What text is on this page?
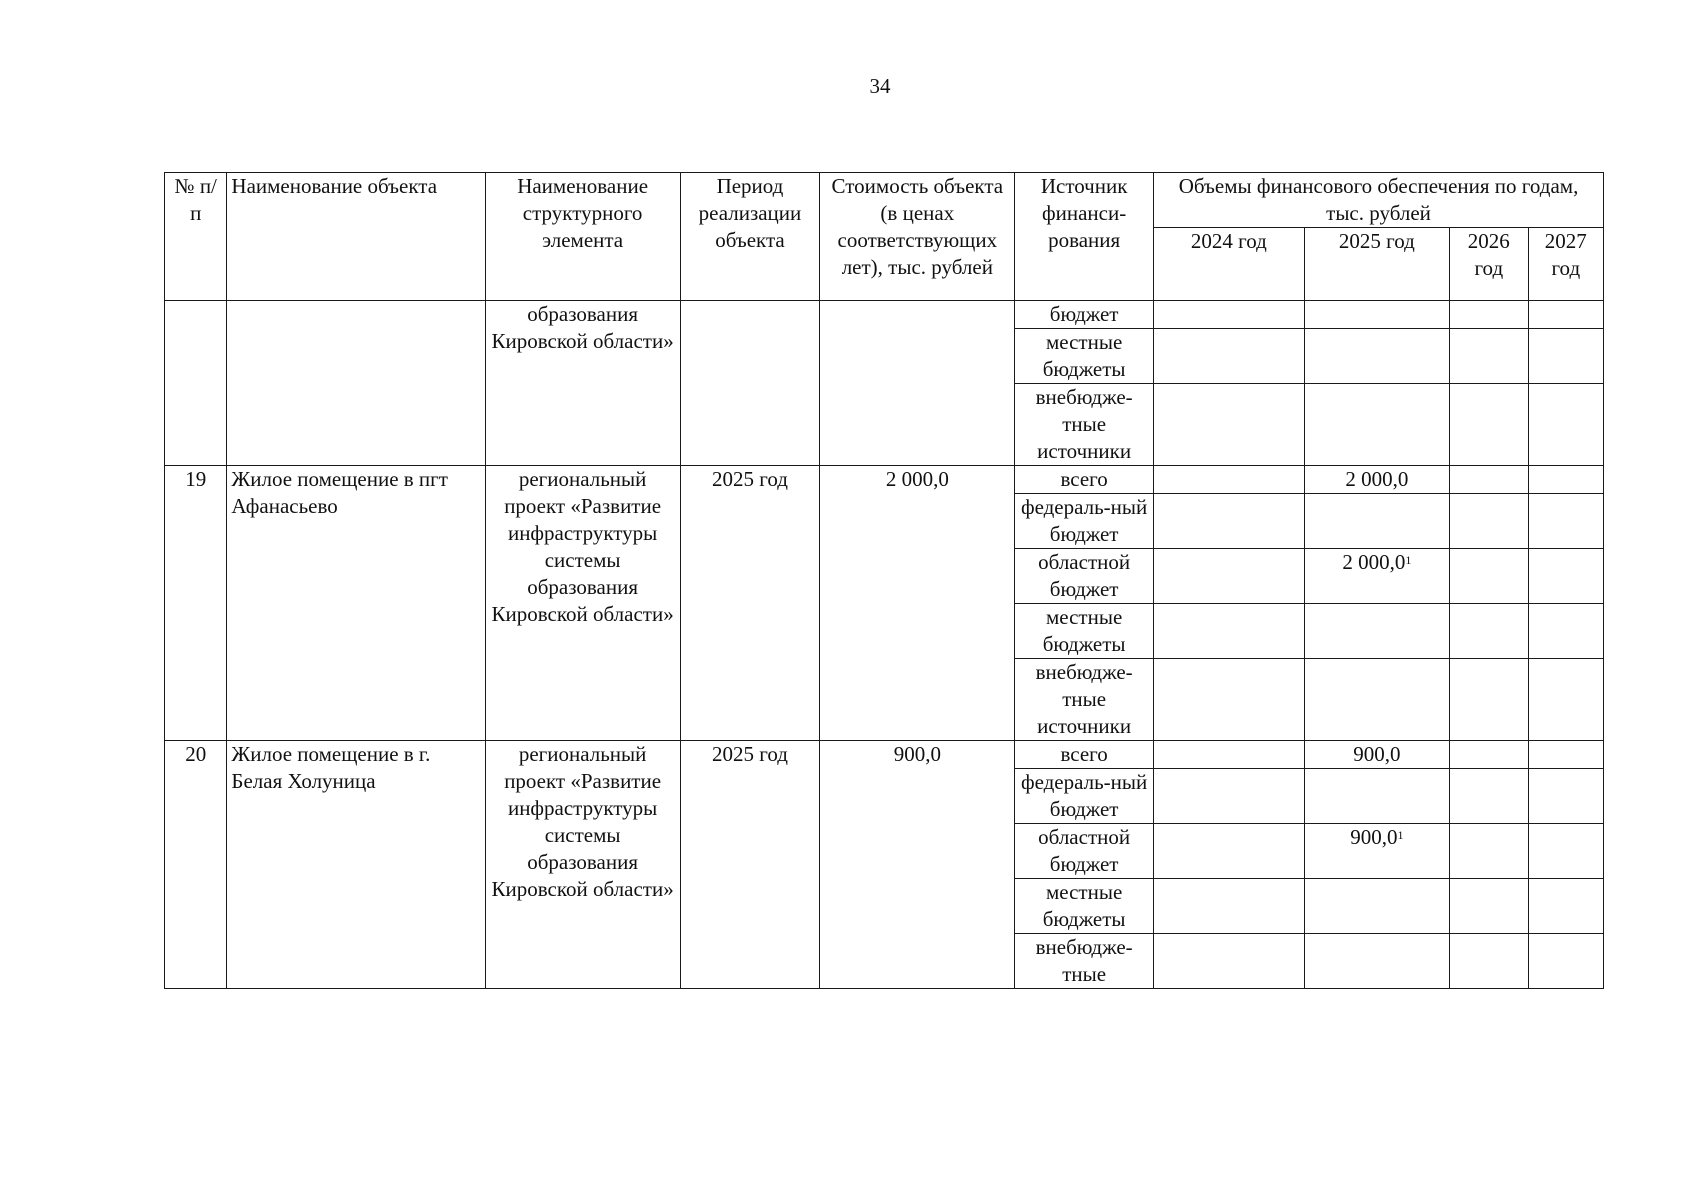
34
№ п/п	Наименование объекта	Наименование структурного элемента	Период реализации объекта	Стоимость объекта (в ценах соответствующих лет), тыс. рублей	Источник финанси-рования	Объемы финансового обеспечения по годам, тыс. рублей			
						2024 год	2025 год	2026 год	2027 год
		образования Кировской области»			бюджет				
					местные бюджеты				
					внебюдже-тные источники				
19	Жилое помещение в пгт Афанасьево	региональный проект «Развитие инфраструктуры системы образования Кировской области»	2025 год	2 000,0	всего		2 000,0		
					федераль-ный бюджет				
					областной бюджет		2 000,0$^1$		
					местные бюджеты				
					внебюдже-тные источники				
20	Жилое помещение в г. Белая Холуница	региональный проект «Развитие инфраструктуры системы образования Кировской области»	2025 год	900,0	всего		900,0		
					федераль-ный бюджет				
					областной бюджет		900,0$^1$		
					местные бюджеты				
					внебюдже-тные				
